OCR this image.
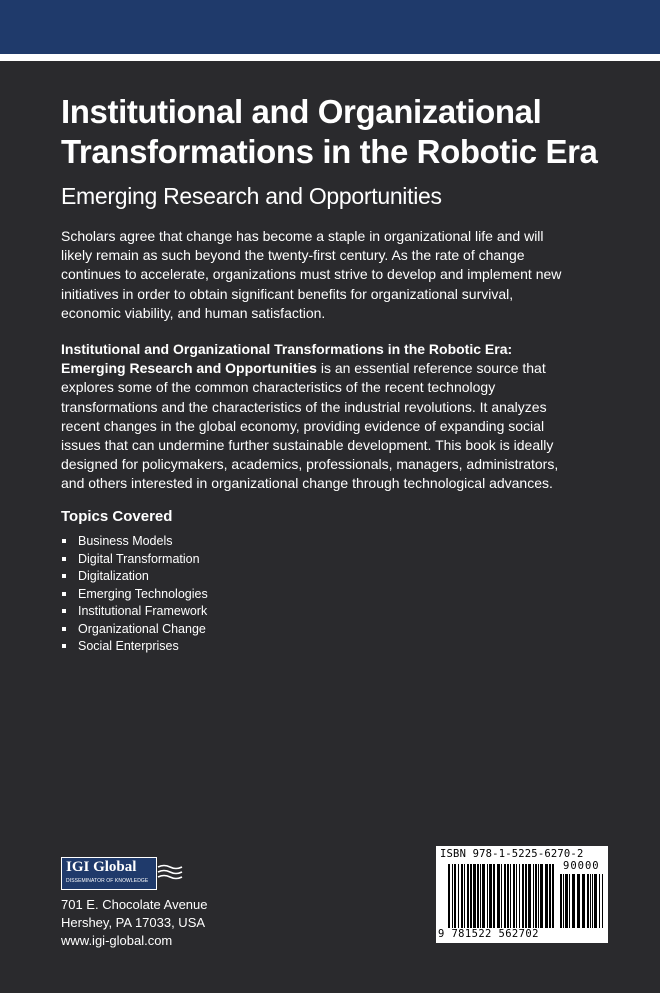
Institutional and Organizational Transformations in the Robotic Era
Emerging Research and Opportunities

Scholars agree that change has become a staple in organizational life and will likely remain as such beyond the twenty-first century. As the rate of change continues to accelerate, organizations must strive to develop and implement new initiatives in order to obtain significant benefits for organizational survival, economic viability, and human satisfaction.

Institutional and Organizational Transformations in the Robotic Era: Emerging Research and Opportunities is an essential reference source that explores some of the common characteristics of the recent technology transformations and the characteristics of the industrial revolutions. It analyzes recent changes in the global economy, providing evidence of expanding social issues that can undermine further sustainable development. This book is ideally designed for policymakers, academics, professionals, managers, administrators, and others interested in organizational change through technological advances.

Topics Covered
Business Models
Digital Transformation
Digitalization
Emerging Technologies
Institutional Framework
Organizational Change
Social Enterprises
IGI Global
DISSEMINATOR OF KNOWLEDGE
701 E. Chocolate Avenue
Hershey, PA 17033, USA
www.igi-global.com
ISBN 978-1-5225-6270-2
90000
9 781522 562702
